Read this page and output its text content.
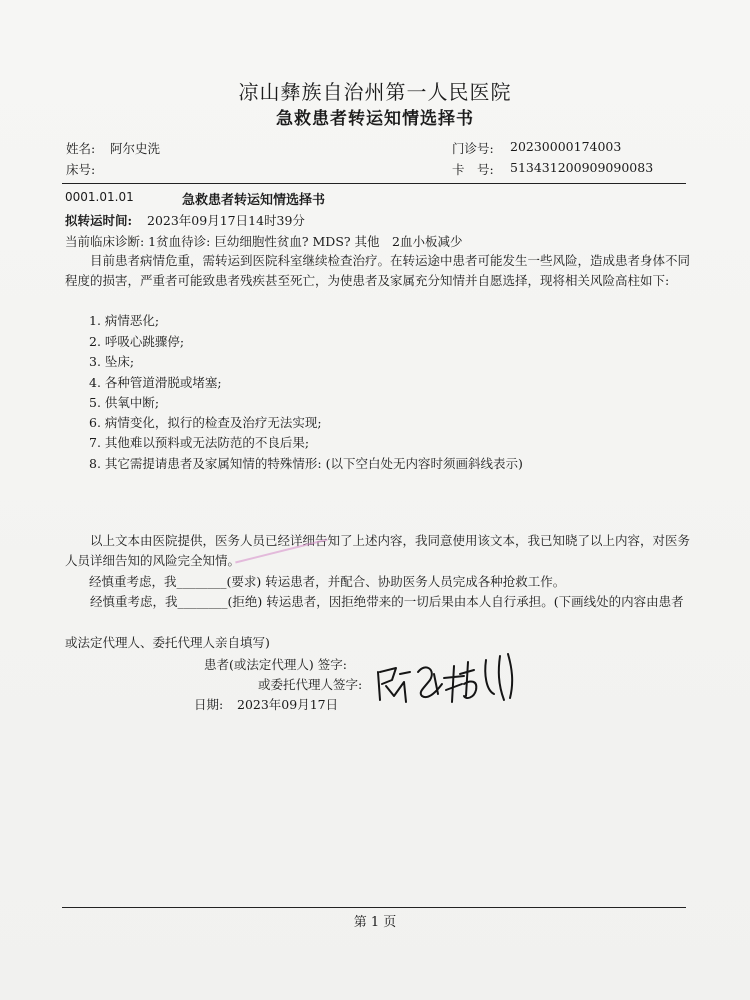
凉山彝族自治州第一人民医院
急救患者转运知情选择书
姓名: 阿尔史洗
床号:
门诊号: 20230000174003
卡　号: 513431200909090083
0001.01.01	急救患者转运知情选择书
拟转运时间: 2023年09月17日14时39分
当前临床诊断: 1贫血待诊: 巨幼细胞性贫血? MDS? 其他　2血小板减少
目前患者病情危重，需转运到医院科室继续检查治疗。在转运途中患者可能发生一些风险，造成患者身体不同程度的损害，严重者可能致患者残疾甚至死亡，为使患者及家属充分知情并自愿选择，现将相关风险高柱如下:
1. 病情恶化;
2. 呼吸心跳骤停;
3. 坠床;
4. 各种管道滑脱或堵塞;
5. 供氧中断;
6. 病情变化，拟行的检查及治疗无法实现;
7. 其他难以预料或无法防范的不良后果;
8. 其它需提请患者及家属知情的特殊情形: (以下空白处无内容时须画斜线表示)
以上文本由医院提供，医务人员已经详细告知了上述内容，我同意使用该文本，我已知晓了以上内容，对医务人员详细告知的风险完全知情。
经慎重考虑，我________(要求) 转运患者，并配合、协助医务人员完成各种抢救工作。
经慎重考虑，我________(拒绝) 转运患者，因拒绝带来的一切后果由本人自行承担。(下画线处的内容由患者
或法定代理人、委托代理人亲自填写)
患者(或法定代理人) 签字:
或委托代理人签字:
日期: 2023年09月17日
第 1 页
